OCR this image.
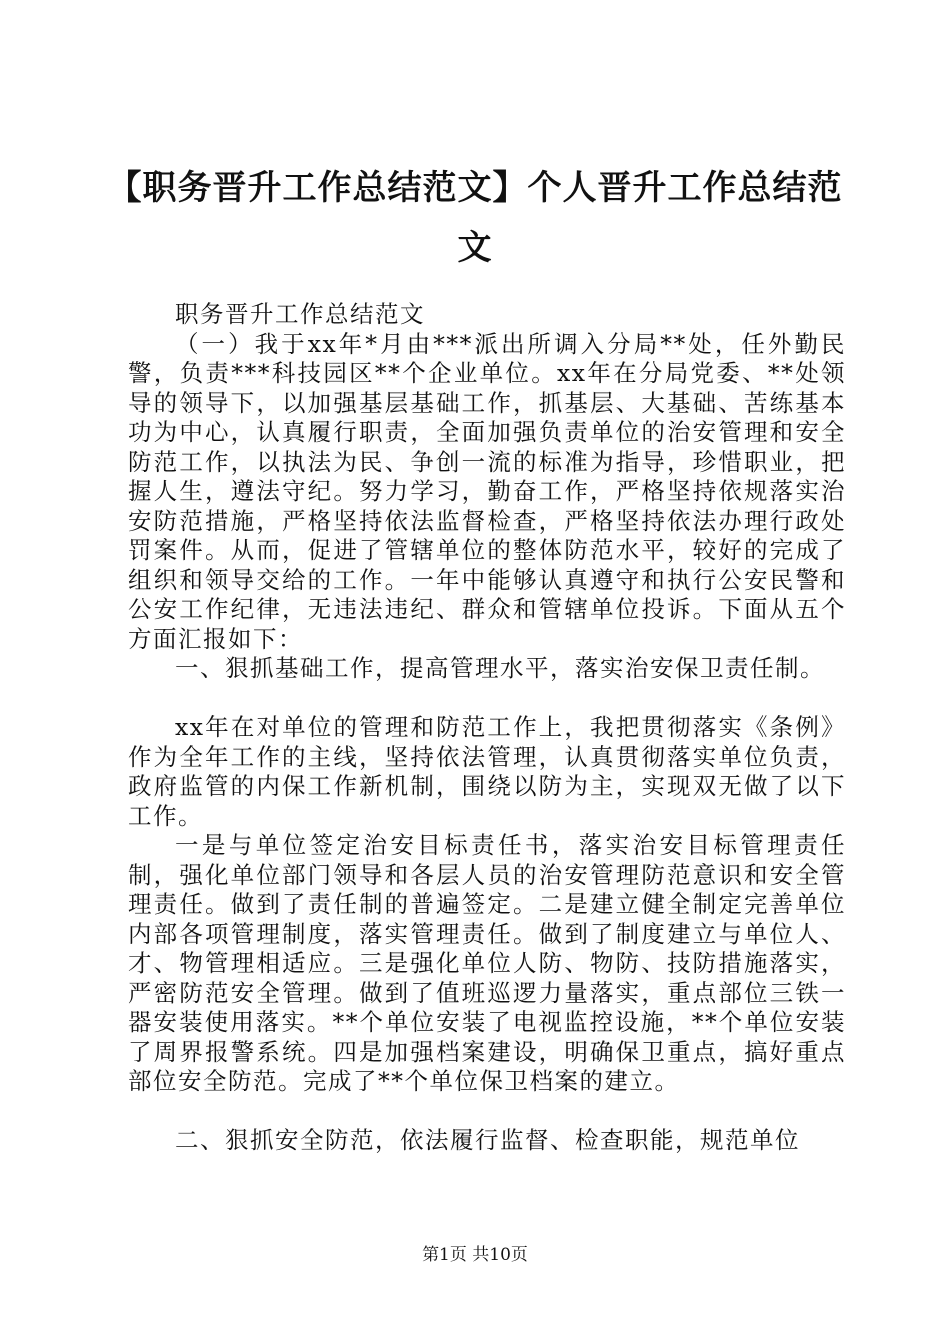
【职务晋升工作总结范文】个人晋升工作总结范文

职务晋升工作总结范文

（一）我于xx年*月由***派出所调入分局**处，任外勤民警，负责***科技园区**个企业单位。xx年在分局党委、**处领导的领导下，以加强基层基础工作，抓基层、大基础、苦练基本功为中心，认真履行职责，全面加强负责单位的治安管理和安全防范工作，以执法为民、争创一流的标准为指导，珍惜职业，把握人生，遵法守纪。努力学习，勤奋工作，严格坚持依规落实治安防范措施，严格坚持依法监督检查，严格坚持依法办理行政处罚案件。从而，促进了管辖单位的整体防范水平，较好的完成了组织和领导交给的工作。一年中能够认真遵守和执行公安民警和公安工作纪律，无违法违纪、群众和管辖单位投诉。下面从五个方面汇报如下：

一、狠抓基础工作，提高管理水平，落实治安保卫责任制。

xx年在对单位的管理和防范工作上，我把贯彻落实《条例》作为全年工作的主线，坚持依法管理，认真贯彻落实单位负责，政府监管的内保工作新机制，围绕以防为主，实现双无做了以下工作。

一是与单位签定治安目标责任书，落实治安目标管理责任制，强化单位部门领导和各层人员的治安管理防范意识和安全管理责任。做到了责任制的普遍签定。二是建立健全制定完善单位内部各项管理制度，落实管理责任。做到了制度建立与单位人、才、物管理相适应。三是强化单位人防、物防、技防措施落实，严密防范安全管理。做到了值班巡逻力量落实，重点部位三铁一器安装使用落实。**个单位安装了电视监控设施，**个单位安装了周界报警系统。四是加强档案建设，明确保卫重点，搞好重点部位安全防范。完成了**个单位保卫档案的建立。

二、狠抓安全防范，依法履行监督、检查职能，规范单位

第1页 共10页
